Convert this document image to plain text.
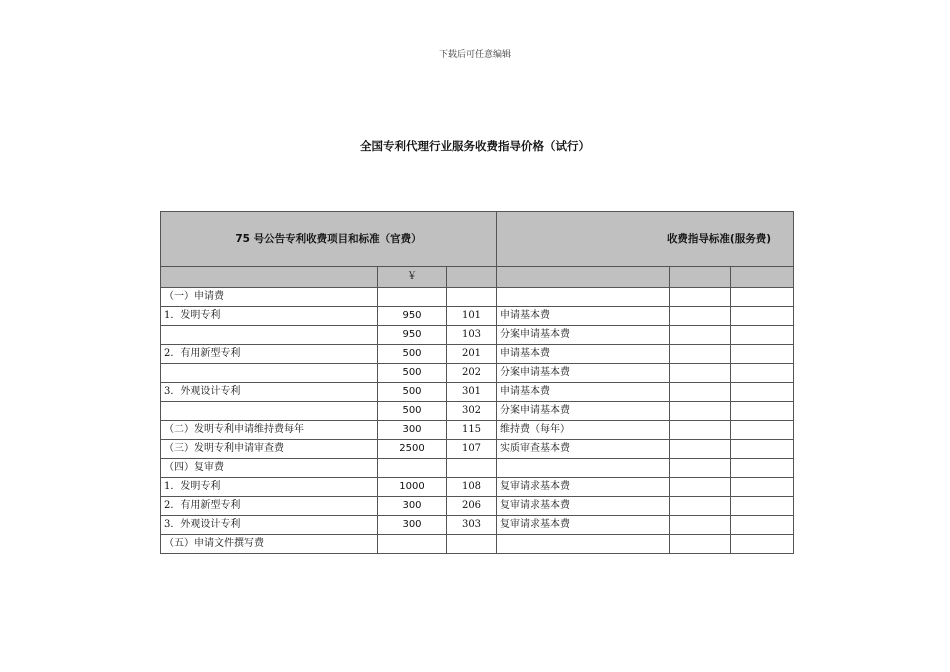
下载后可任意编辑
全国专利代理行业服务收费指导价格（试行）
75 号公告专利收费项目和标准（官费）			收费指导标准(服务费)		
	￥				
（一）申请费					
1．发明专利	950	101	申请基本费		
	950	103	分案申请基本费		
2．有用新型专利	500	201	申请基本费		
	500	202	分案申请基本费		
3．外观设计专利	500	301	申请基本费		
	500	302	分案申请基本费		
（二）发明专利申请维持费每年	300	115	维持费（每年）		
（三）发明专利申请审查费	2500	107	实质审查基本费		
（四）复审费					
1．发明专利	1000	108	复审请求基本费		
2．有用新型专利	300	206	复审请求基本费		
3．外观设计专利	300	303	复审请求基本费		
（五）申请文件撰写费					
